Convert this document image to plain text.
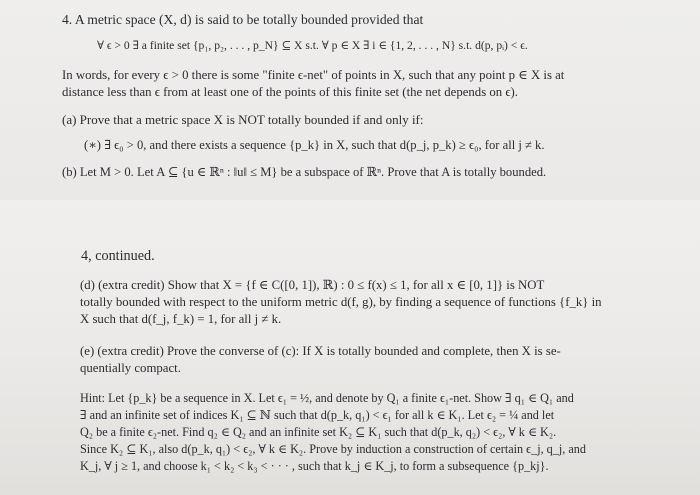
4. A metric space (X, d) is said to be totally bounded provided that
∀ ϵ > 0 ∃ a finite set {p₁, p₂, . . . , p_N} ⊆ X s.t. ∀ p ∈ X ∃ i ∈ {1, 2, . . . , N} s.t. d(p, pᵢ) < ϵ.
In words, for every ϵ > 0 there is some "finite ϵ-net" of points in X, such that any point p ∈ X is at
distance less than ϵ from at least one of the points of this finite set (the net depends on ϵ).
(a) Prove that a metric space X is NOT totally bounded if and only if:
(∗) ∃ ϵ₀ > 0, and there exists a sequence {p_k} in X, such that d(p_j, p_k) ≥ ϵ₀, for all j ≠ k.
(b) Let M > 0. Let A ⊆ {u ∈ ℝⁿ : ‖u‖ ≤ M} be a subspace of ℝⁿ. Prove that A is totally bounded.
4, continued.
(d) (extra credit) Show that X = {f ∈ C([0, 1]), ℝ) : 0 ≤ f(x) ≤ 1, for all x ∈ [0, 1]} is NOT
totally bounded with respect to the uniform metric d(f, g), by finding a sequence of functions {f_k} in
X such that d(f_j, f_k) = 1, for all j ≠ k.
(e) (extra credit) Prove the converse of (c): If X is totally bounded and complete, then X is se-
quentially compact.
Hint: Let {p_k} be a sequence in X. Let ϵ₁ = ½, and denote by Q₁ a finite ϵ₁-net. Show ∃ q₁ ∈ Q₁ and
∃ and an infinite set of indices K₁ ⊆ ℕ such that d(p_k, q₁) < ϵ₁ for all k ∈ K₁. Let ϵ₂ = ¼ and let
Q₂ be a finite ϵ₂-net. Find q₂ ∈ Q₂ and an infinite set K₂ ⊆ K₁ such that d(p_k, q₂) < ϵ₂, ∀ k ∈ K₂.
Since K₂ ⊆ K₁, also d(p_k, q₁) < ϵ₂, ∀ k ∈ K₂. Prove by induction a construction of certain ϵ_j, q_j, and
K_j, ∀ j ≥ 1, and choose k₁ < k₂ < k₃ < · · · , such that k_j ∈ K_j, to form a subsequence {p_kj}.
